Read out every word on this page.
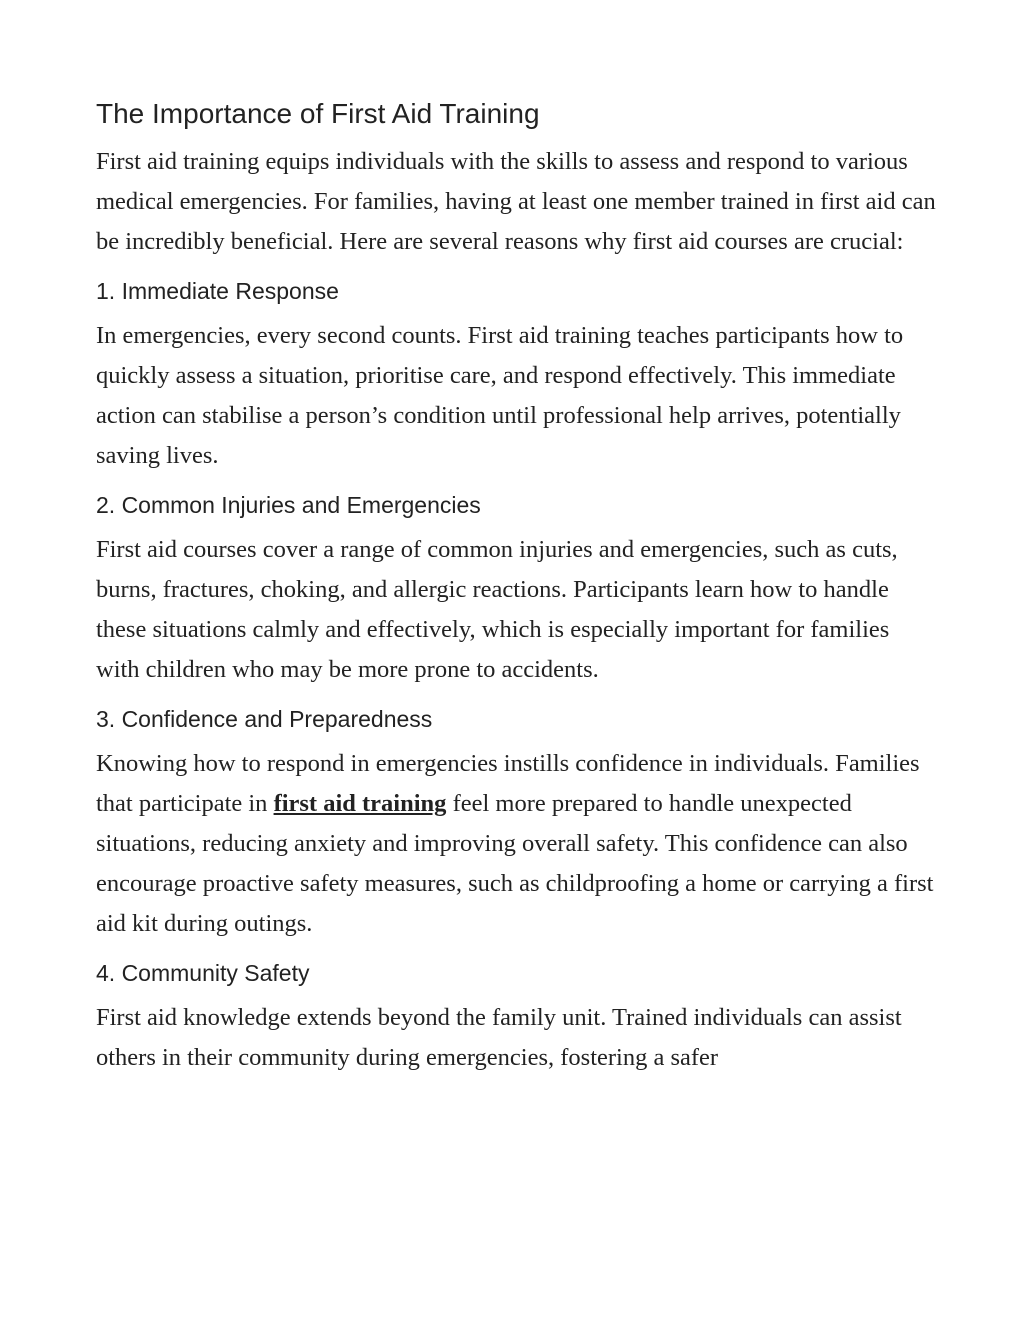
The Importance of First Aid Training

First aid training equips individuals with the skills to assess and respond to various medical emergencies. For families, having at least one member trained in first aid can be incredibly beneficial. Here are several reasons why first aid courses are crucial:

1. Immediate Response

In emergencies, every second counts. First aid training teaches participants how to quickly assess a situation, prioritise care, and respond effectively. This immediate action can stabilise a person’s condition until professional help arrives, potentially saving lives.

2. Common Injuries and Emergencies

First aid courses cover a range of common injuries and emergencies, such as cuts, burns, fractures, choking, and allergic reactions. Participants learn how to handle these situations calmly and effectively, which is especially important for families with children who may be more prone to accidents.

3. Confidence and Preparedness

Knowing how to respond in emergencies instills confidence in individuals. Families that participate in first aid training feel more prepared to handle unexpected situations, reducing anxiety and improving overall safety. This confidence can also encourage proactive safety measures, such as childproofing a home or carrying a first aid kit during outings.

4. Community Safety

First aid knowledge extends beyond the family unit. Trained individuals can assist others in their community during emergencies, fostering a safer
